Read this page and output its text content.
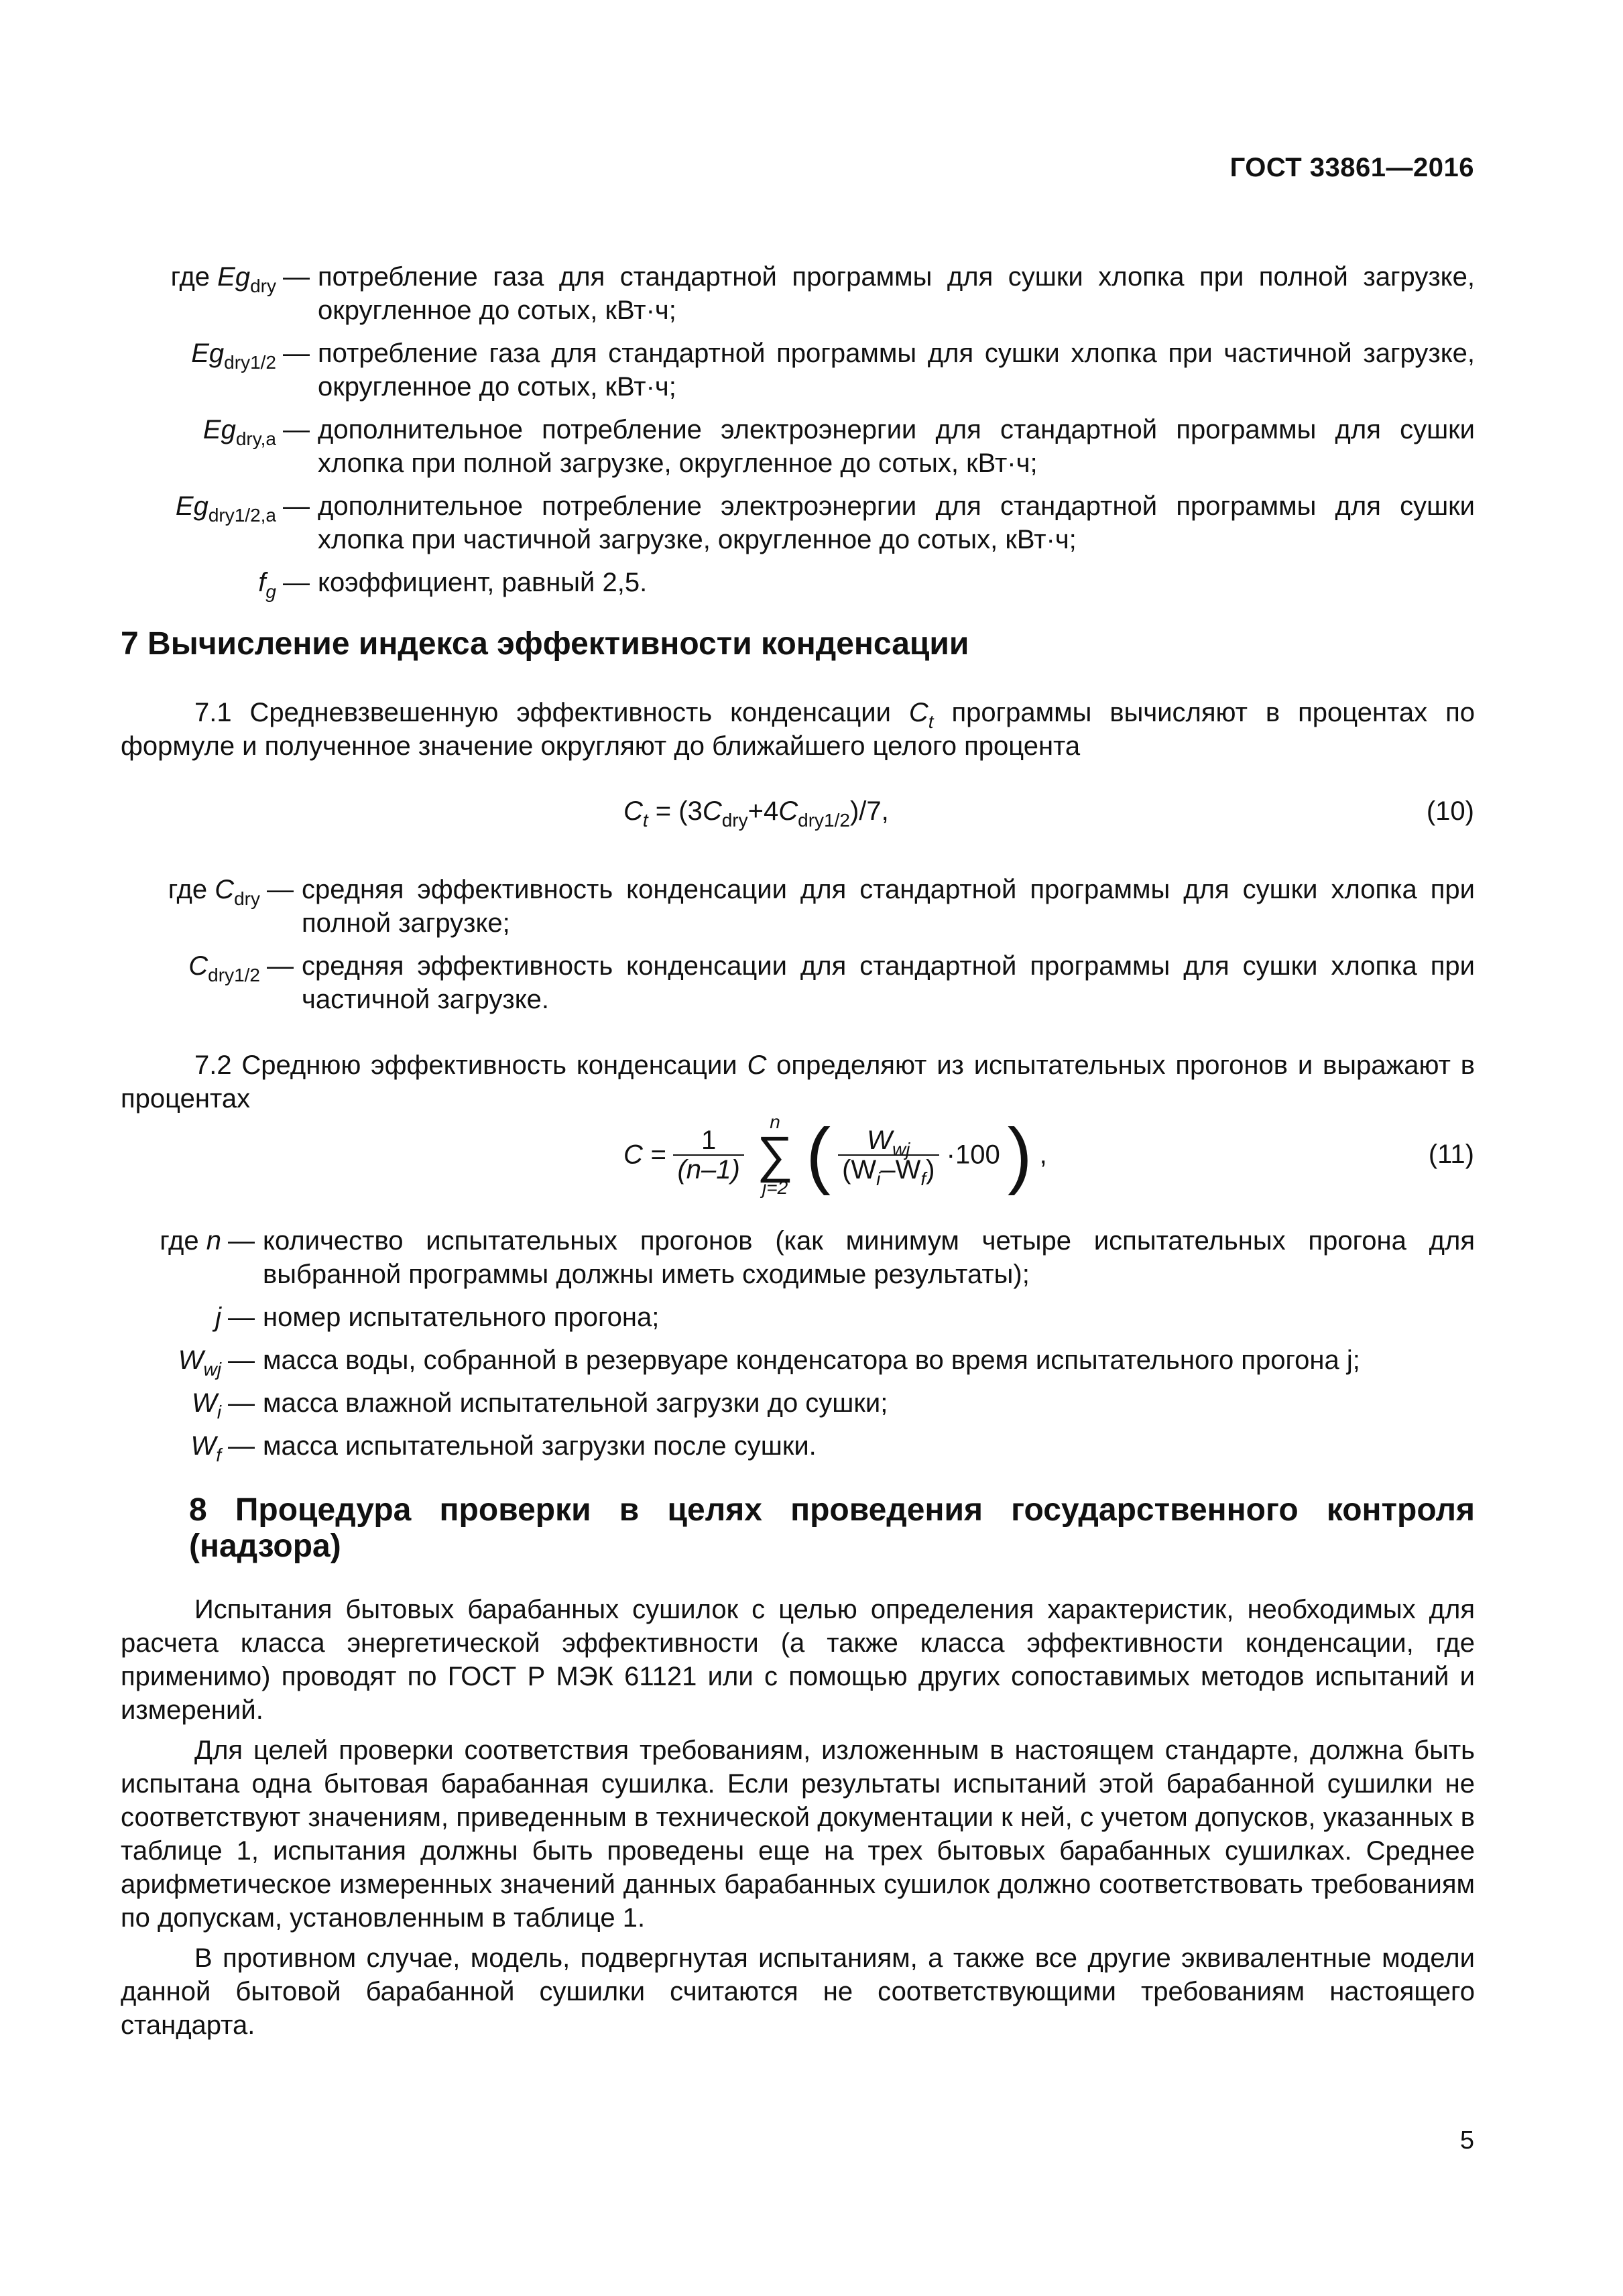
ГОСТ 33861—2016
где $Eg_{dry}$ — потребление газа для стандартной программы для сушки хлопка при полной загрузке, округленное до сотых, кВт·ч;
$Eg_{dry1/2}$ — потребление газа для стандартной программы для сушки хлопка при частичной загрузке, округленное до сотых, кВт·ч;
$Eg_{dry,a}$ — дополнительное потребление электроэнергии для стандартной программы для сушки хлопка при полной загрузке, округленное до сотых, кВт·ч;
$Eg_{dry1/2,a}$ — дополнительное потребление электроэнергии для стандартной программы для сушки хлопка при частичной загрузке, округленное до сотых, кВт·ч;
$f_g$ — коэффициент, равный 2,5.
7 Вычисление индекса эффективности конденсации
7.1 Средневзвешенную эффективность конденсации $C_t$ программы вычисляют в процентах по формуле и полученное значение округляют до ближайшего целого процента
$C_t = (3C_{dry}+4C_{dry1/2})/7$,	(10)
где $C_{dry}$ — средняя эффективность конденсации для стандартной программы для сушки хлопка при полной загрузке;
$C_{dry1/2}$ — средняя эффективность конденсации для стандартной программы для сушки хлопка при частичной загрузке.
7.2 Среднюю эффективность конденсации C определяют из испытательных прогонов и выражают в процентах
$C = \frac{1}{(n-1)}$

n
∑
j=2 ( $\frac{W_{wj}}{(W_i-W_f)} \cdot 100$ ) ,	(11)
где n — количество испытательных прогонов (как минимум четыре испытательных прогона для выбранной программы должны иметь сходимые результаты);
j — номер испытательного прогона;
$W_{wj}$ — масса воды, собранной в резервуаре конденсатора во время испытательного прогона j;
$W_i$ — масса влажной испытательной загрузки до сушки;
$W_f$ — масса испытательной загрузки после сушки.
8 Процедура проверки в целях проведения государственного контроля (надзора)
Испытания бытовых барабанных сушилок с целью определения характеристик, необходимых для расчета класса энергетической эффективности (а также класса эффективности конденсации, где применимо) проводят по ГОСТ Р МЭК 61121 или с помощью других сопоставимых методов испытаний и измерений.
Для целей проверки соответствия требованиям, изложенным в настоящем стандарте, должна быть испытана одна бытовая барабанная сушилка. Если результаты испытаний этой барабанной сушилки не соответствуют значениям, приведенным в технической документации к ней, с учетом допусков, указанных в таблице 1, испытания должны быть проведены еще на трех бытовых барабанных сушилках. Среднее арифметическое измеренных значений данных барабанных сушилок должно соответствовать требованиям по допускам, установленным в таблице 1.
В противном случае, модель, подвергнутая испытаниям, а также все другие эквивалентные модели данной бытовой барабанной сушилки считаются не соответствующими требованиям настоящего стандарта.
5
